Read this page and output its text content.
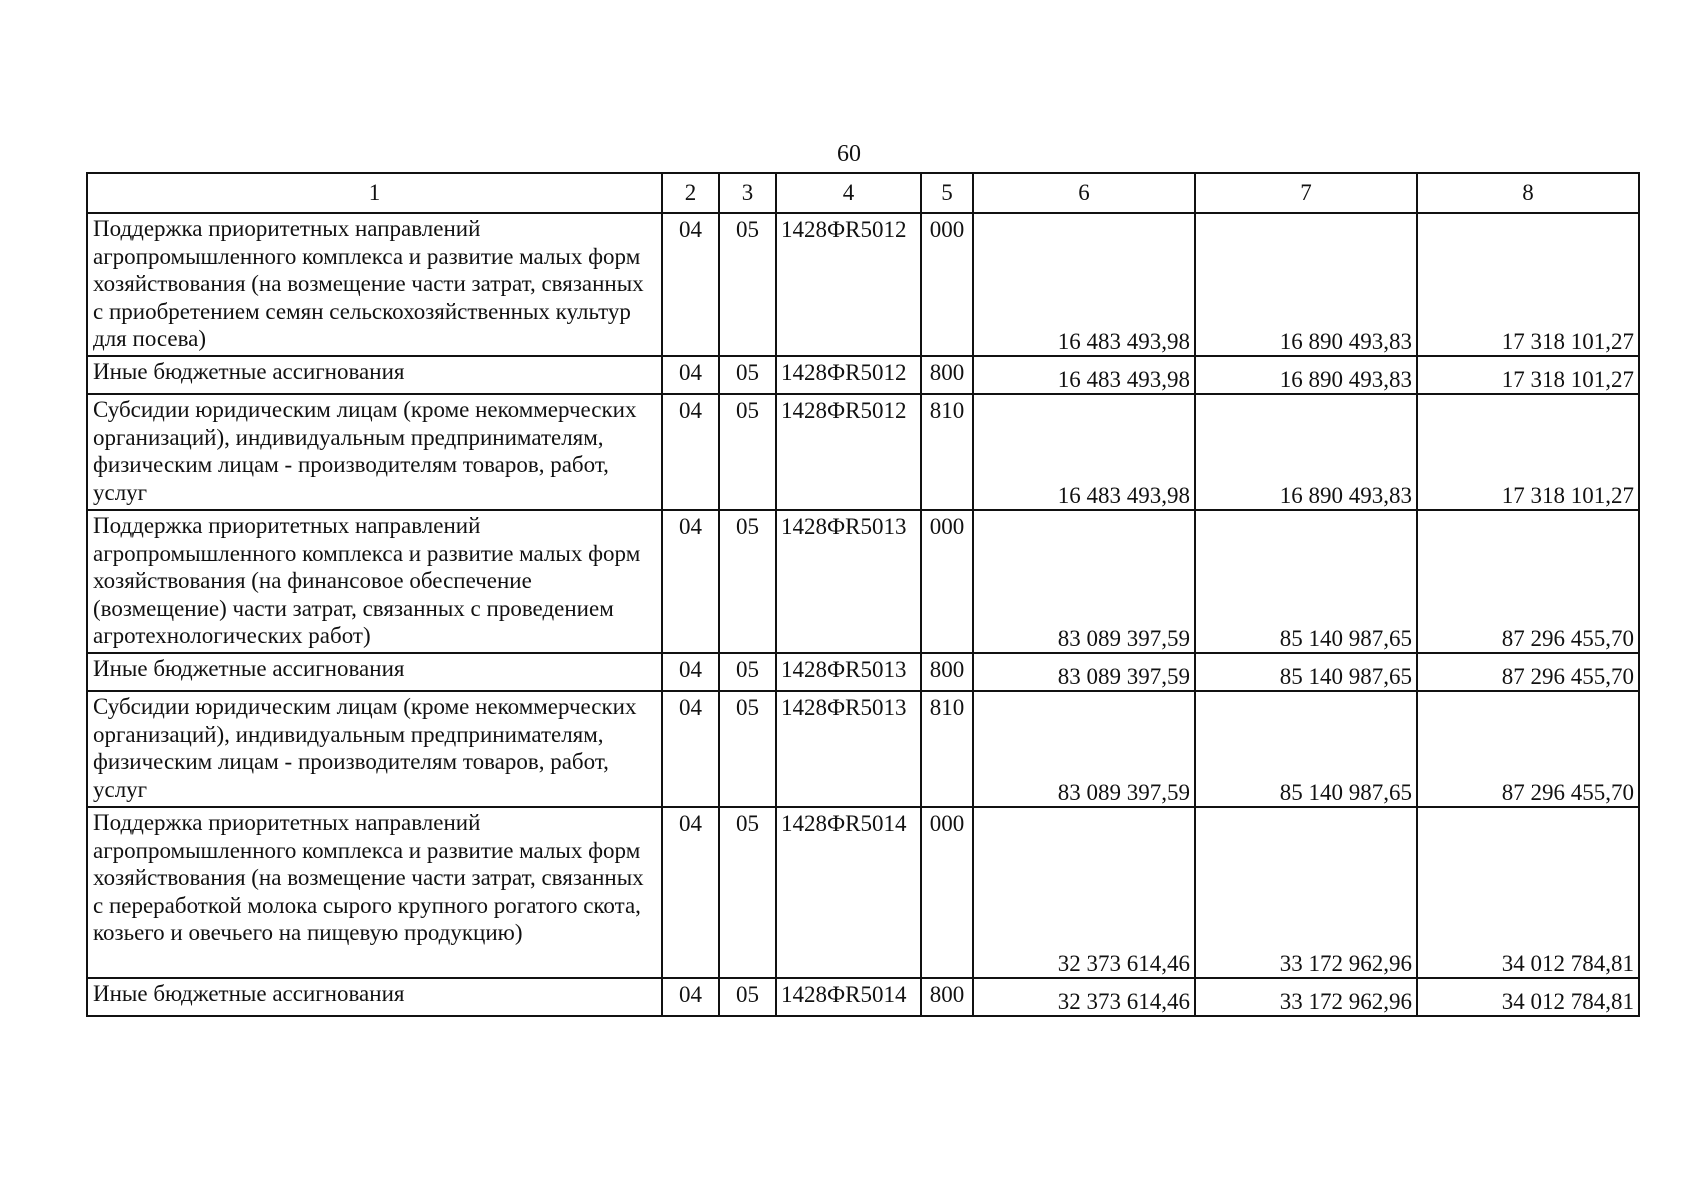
60
1	2	3	4	5	6	7	8
Поддержка приоритетных направлений агропромышленного комплекса и развитие малых форм хозяйствования (на возмещение части затрат, связанных с приобретением семян сельскохозяйственных культур для посева)	04	05	1428ФR5012	000	16 483 493,98	16 890 493,83	17 318 101,27
Иные бюджетные ассигнования	04	05	1428ФR5012	800	16 483 493,98	16 890 493,83	17 318 101,27
Субсидии юридическим лицам (кроме некоммерческих организаций), индивидуальным предпринимателям, физическим лицам - производителям товаров, работ, услуг	04	05	1428ФR5012	810	16 483 493,98	16 890 493,83	17 318 101,27
Поддержка приоритетных направлений агропромышленного комплекса и развитие малых форм хозяйствования (на финансовое обеспечение (возмещение) части затрат, связанных с проведением агротехнологических работ)	04	05	1428ФR5013	000	83 089 397,59	85 140 987,65	87 296 455,70
Иные бюджетные ассигнования	04	05	1428ФR5013	800	83 089 397,59	85 140 987,65	87 296 455,70
Субсидии юридическим лицам (кроме некоммерческих организаций), индивидуальным предпринимателям, физическим лицам - производителям товаров, работ, услуг	04	05	1428ФR5013	810	83 089 397,59	85 140 987,65	87 296 455,70
Поддержка приоритетных направлений агропромышленного комплекса и развитие малых форм хозяйствования (на возмещение части затрат, связанных с переработкой молока сырого крупного рогатого скота, козьего и овечьего на пищевую продукцию)	04	05	1428ФR5014	000	32 373 614,46	33 172 962,96	34 012 784,81
Иные бюджетные ассигнования	04	05	1428ФR5014	800	32 373 614,46	33 172 962,96	34 012 784,81
